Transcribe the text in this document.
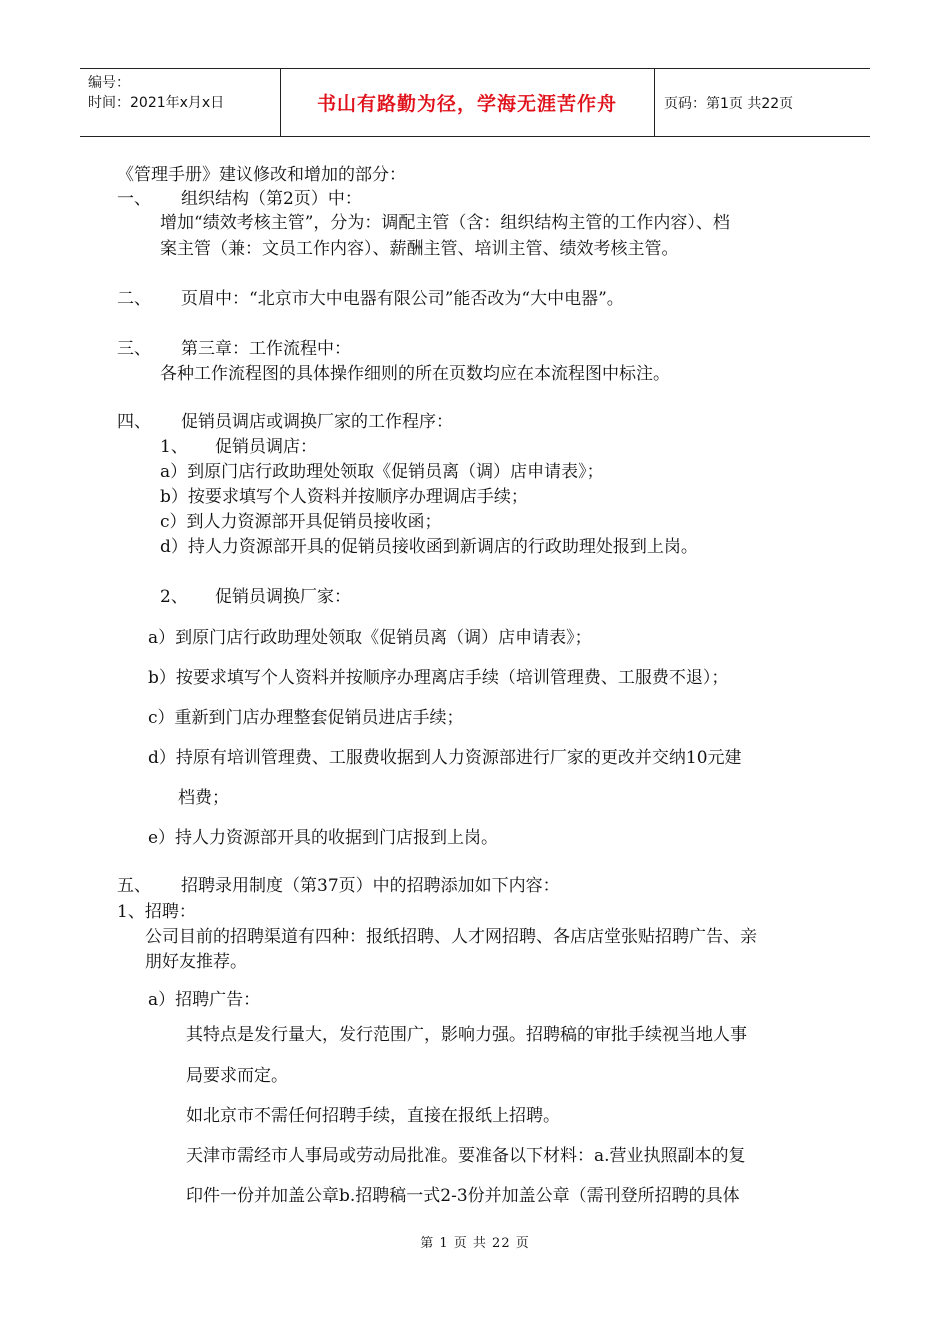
编号：
时间：2021年x月x日	书山有路勤为径，学海无涯苦作舟	页码：第1页 共22页
《管理手册》建议修改和增加的部分：
一、 组织结构（第2页）中：
增加“绩效考核主管”，分为：调配主管（含：组织结构主管的工作内容）、档
案主管（兼：文员工作内容）、薪酬主管、培训主管、绩效考核主管。
二、 页眉中：“北京市大中电器有限公司”能否改为“大中电器”。
三、 第三章：工作流程中：
各种工作流程图的具体操作细则的所在页数均应在本流程图中标注。
四、 促销员调店或调换厂家的工作程序：
1、 促销员调店：
a）到原门店行政助理处领取《促销员离（调）店申请表》；
b）按要求填写个人资料并按顺序办理调店手续；
c）到人力资源部开具促销员接收函；
d）持人力资源部开具的促销员接收函到新调店的行政助理处报到上岗。
2、 促销员调换厂家：
a）到原门店行政助理处领取《促销员离（调）店申请表》；
b）按要求填写个人资料并按顺序办理离店手续（培训管理费、工服费不退）；
c）重新到门店办理整套促销员进店手续；
d）持原有培训管理费、工服费收据到人力资源部进行厂家的更改并交纳10元建
档费；
e）持人力资源部开具的收据到门店报到上岗。
五、 招聘录用制度（第37页）中的招聘添加如下内容：
1、招聘：
公司目前的招聘渠道有四种：报纸招聘、人才网招聘、各店店堂张贴招聘广告、亲
朋好友推荐。
a）招聘广告：
其特点是发行量大，发行范围广，影响力强。招聘稿的审批手续视当地人事
局要求而定。
如北京市不需任何招聘手续，直接在报纸上招聘。
天津市需经市人事局或劳动局批准。要准备以下材料：a.营业执照副本的复
印件一份并加盖公章b.招聘稿一式2-3份并加盖公章（需刊登所招聘的具体
第 1 页 共 22 页
